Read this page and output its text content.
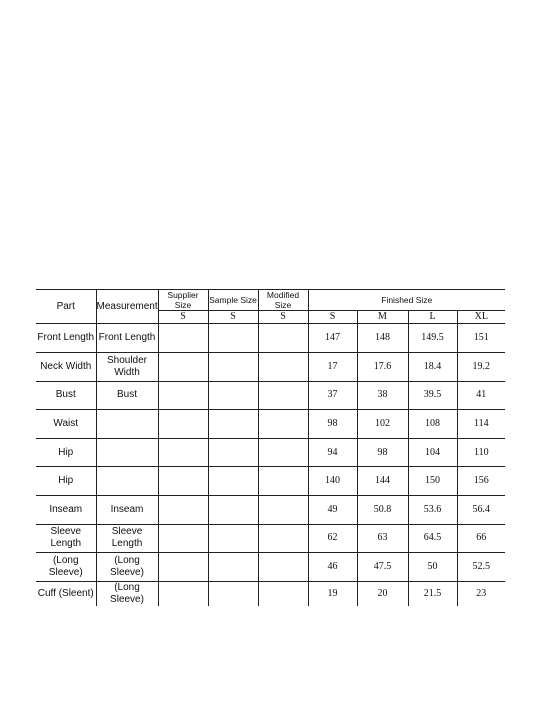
Part	Measurement	Supplier Size	Sample Size	Modified Size	Finished Size			
		S	S	S	S	M	L	XL
Front Length	Front Length				147	148	149.5	151
Neck Width	Shoulder Width				17	17.6	18.4	19.2
Bust	Bust				37	38	39.5	41
Waist					98	102	108	114
Hip					94	98	104	110
Hip					140	144	150	156
Inseam	Inseam				49	50.8	53.6	56.4
Sleeve Length	Sleeve Length				62	63	64.5	66
(Long Sleeve)	(Long Sleeve)				46	47.5	50	52.5
Cuff (Sleent)	(Long Sleeve)				19	20	21.5	23
